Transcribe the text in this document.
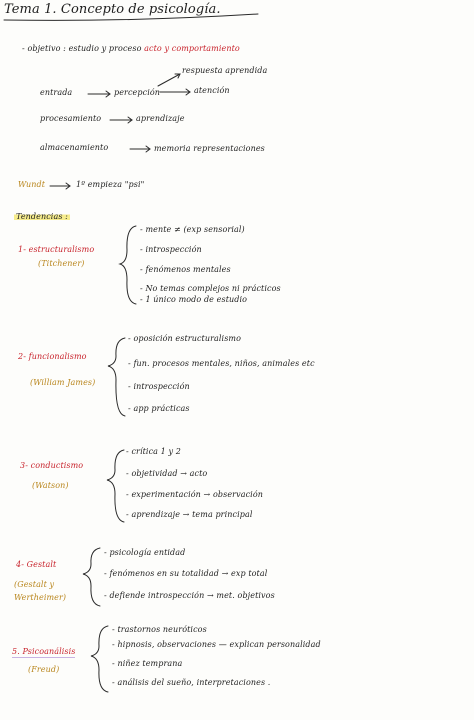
Tema 1. Concepto de psicología.
- objetivo : estudio y proceso acto y comportamiento
entrada	percepción
respuesta aprendida
atención
procesamiento	aprendizaje
almacenamiento	memoria representaciones
Wundt	1º empieza "psi"
Tendencias :
1- estructuralismo
(Titchener)
- mente ≠ (exp sensorial)
- introspección
- fenómenos mentales
- No temas complejos ni prácticos
- 1 único modo de estudio
2- funcionalismo
(William James)
- oposición estructuralismo
- fun. procesos mentales, niños, animales etc
- introspección
- app prácticas
3- conductismo
(Watson)
- crítica 1 y 2
- objetividad → acto
- experimentación → observación
- aprendizaje → tema principal
4- Gestalt
(Gestalt y Wertheimer)
- psicología entidad
- fenómenos en su totalidad → exp total
- defiende introspección → met. objetivos
5. Psicoanálisis
(Freud)
- trastornos neuróticos
- hipnosis, observaciones — explican personalidad
- niñez temprana
- análisis del sueño, interpretaciones .
